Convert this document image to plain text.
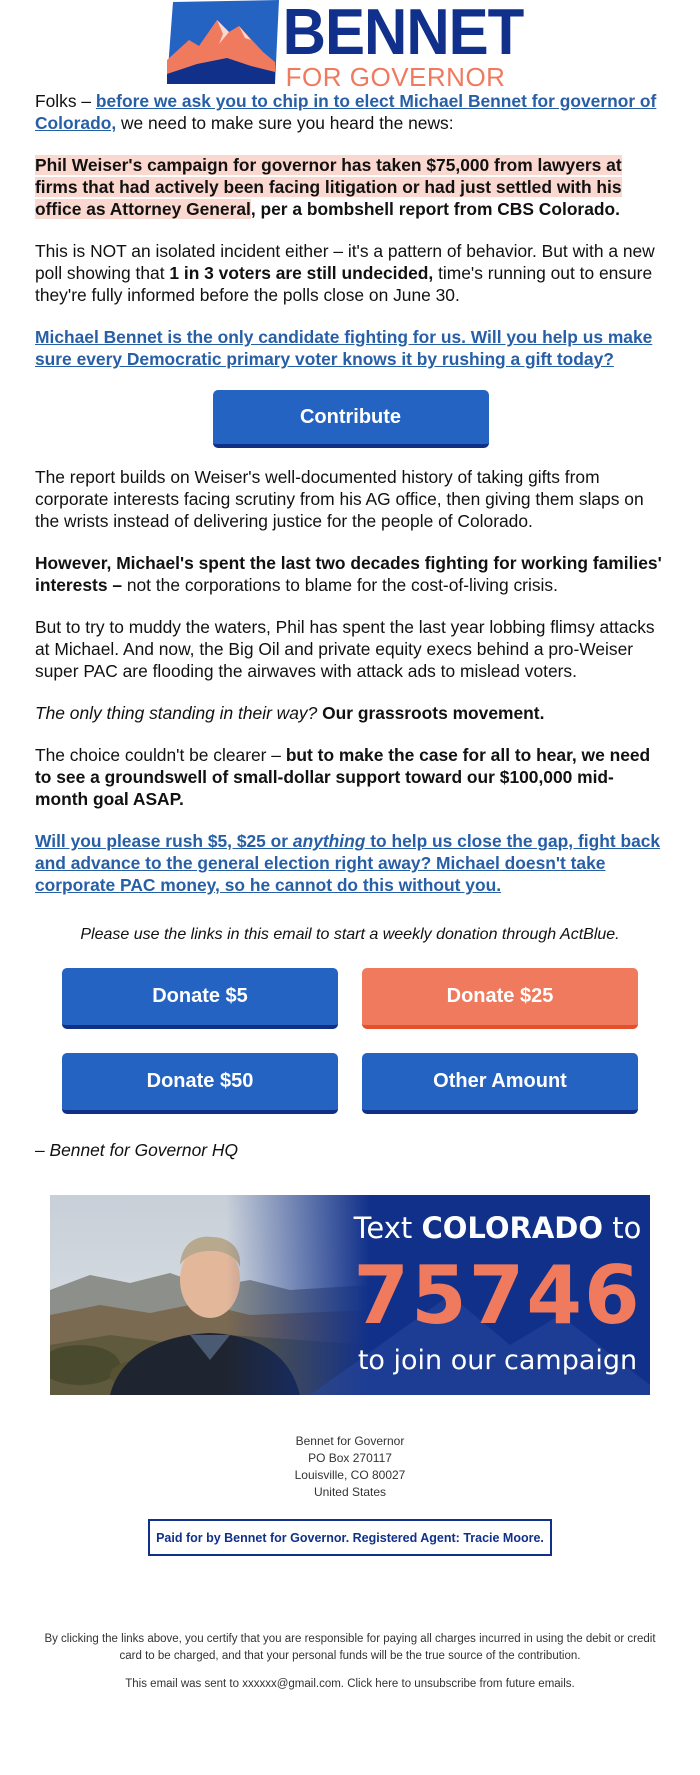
BENNET
FOR GOVERNOR

Folks – before we ask you to chip in to elect Michael Bennet for governor of Colorado, we need to make sure you heard the news:

Phil Weiser's campaign for governor has taken $75,000 from lawyers at firms that had actively been facing litigation or had just settled with his office as Attorney General, per a bombshell report from CBS Colorado.

This is NOT an isolated incident either – it's a pattern of behavior. But with a new poll showing that 1 in 3 voters are still undecided, time's running out to ensure they're fully informed before the polls close on June 30.

Michael Bennet is the only candidate fighting for us. Will you help us make sure every Democratic primary voter knows it by rushing a gift today?

Contribute

The report builds on Weiser's well-documented history of taking gifts from corporate interests facing scrutiny from his AG office, then giving them slaps on the wrists instead of delivering justice for the people of Colorado.

However, Michael's spent the last two decades fighting for working families' interests – not the corporations to blame for the cost-of-living crisis.

But to try to muddy the waters, Phil has spent the last year lobbing flimsy attacks at Michael. And now, the Big Oil and private equity execs behind a pro-Weiser super PAC are flooding the airwaves with attack ads to mislead voters.

The only thing standing in their way? Our grassroots movement.

The choice couldn't be clearer – but to make the case for all to hear, we need to see a groundswell of small-dollar support toward our $100,000 mid-month goal ASAP.

Will you please rush $5, $25 or anything to help us close the gap, fight back and advance to the general election right away? Michael doesn't take corporate PAC money, so he cannot do this without you.

Please use the links in this email to start a weekly donation through ActBlue.
Donate $5	Donate $25
Donate $50	Other Amount
– Bennet for Governor HQ
Text COLORADO to
75746
to join our campaign
Bennet for Governor
PO Box 270117
Louisville, CO 80027
United States
Paid for by Bennet for Governor. Registered Agent: Tracie Moore.
By clicking the links above, you certify that you are responsible for paying all charges incurred in using the debit or credit card to be charged, and that your personal funds will be the true source of the contribution.
This email was sent to xxxxxx@gmail.com. Click here to unsubscribe from future emails.
